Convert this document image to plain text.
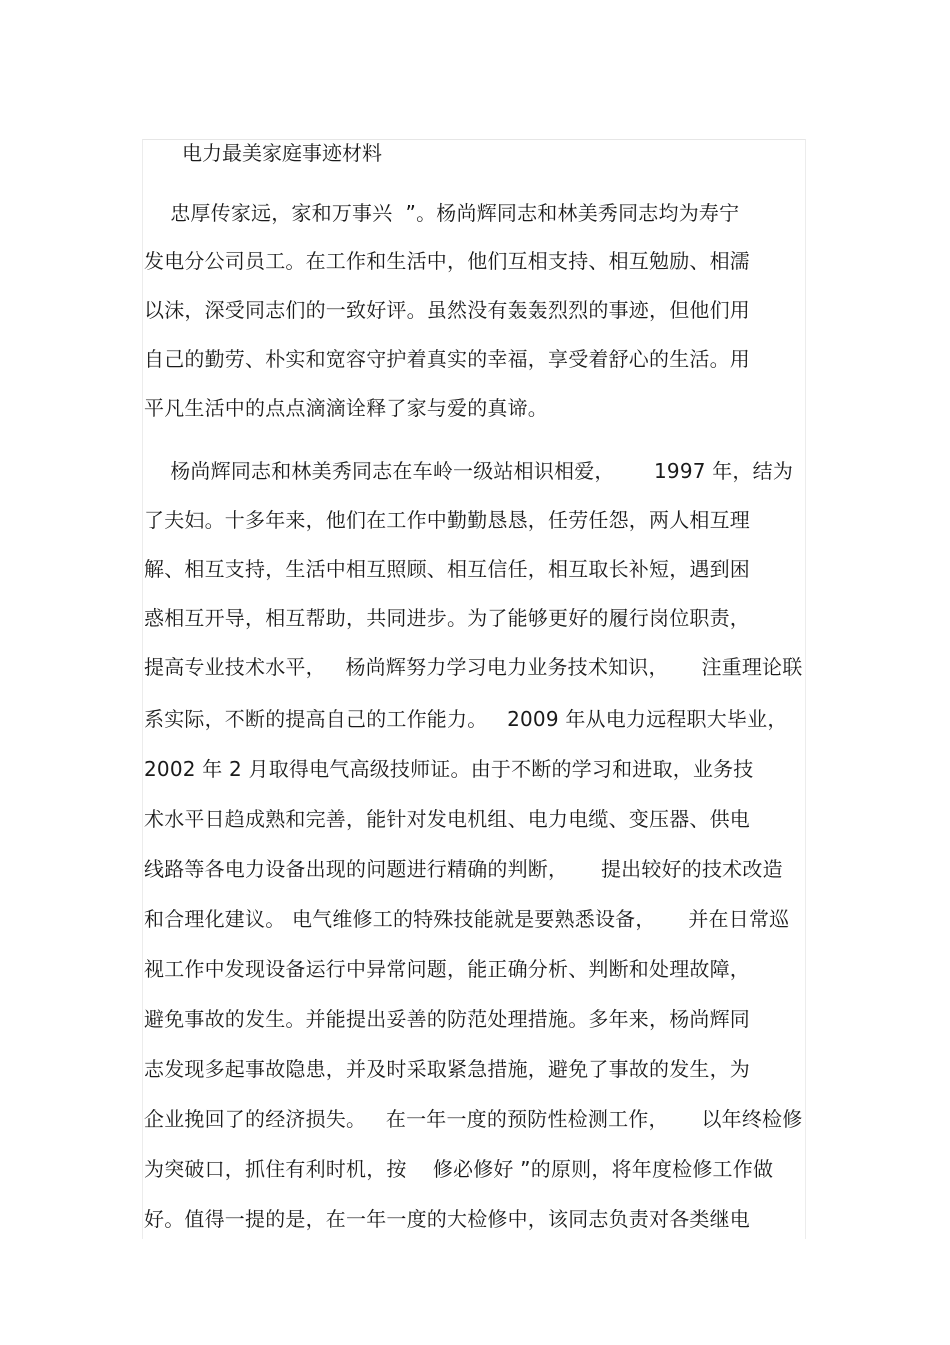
电力最美家庭事迹材料
忠厚传家远，家和万事兴  ”。杨尚辉同志和林美秀同志均为寿宁
发电分公司员工。在工作和生活中，他们互相支持、相互勉励、相濡
以沫，深受同志们的一致好评。虽然没有轰轰烈烈的事迹，但他们用
自己的勤劳、朴实和宽容守护着真实的幸福，享受着舒心的生活。用
平凡生活中的点点滴滴诠释了家与爱的真谛。
杨尚辉同志和林美秀同志在车岭一级站相识相爱，      1997 年，结为
了夫妇。十多年来，他们在工作中勤勤恳恳，任劳任怨，两人相互理
解、相互支持，生活中相互照顾、相互信任，相互取长补短，遇到困
惑相互开导，相互帮助，共同进步。为了能够更好的履行岗位职责，
提高专业技术水平，   杨尚辉努力学习电力业务技术知识，     注重理论联
系实际，不断的提高自己的工作能力。   2009 年从电力远程职大毕业，
2002 年 2 月取得电气高级技师证。由于不断的学习和进取，业务技
术水平日趋成熟和完善，能针对发电机组、电力电缆、变压器、供电
线路等各电力设备出现的问题进行精确的判断，     提出较好的技术改造
和合理化建议。 电气维修工的特殊技能就是要熟悉设备，     并在日常巡
视工作中发现设备运行中异常问题，能正确分析、判断和处理故障，
避免事故的发生。并能提出妥善的防范处理措施。多年来，杨尚辉同
志发现多起事故隐患，并及时采取紧急措施，避免了事故的发生，为
企业挽回了的经济损失。   在一年一度的预防性检测工作，     以年终检修
为突破口，抓住有利时机，按    修必修好 ”的原则，将年度检修工作做
好。值得一提的是，在一年一度的大检修中，该同志负责对各类继电
